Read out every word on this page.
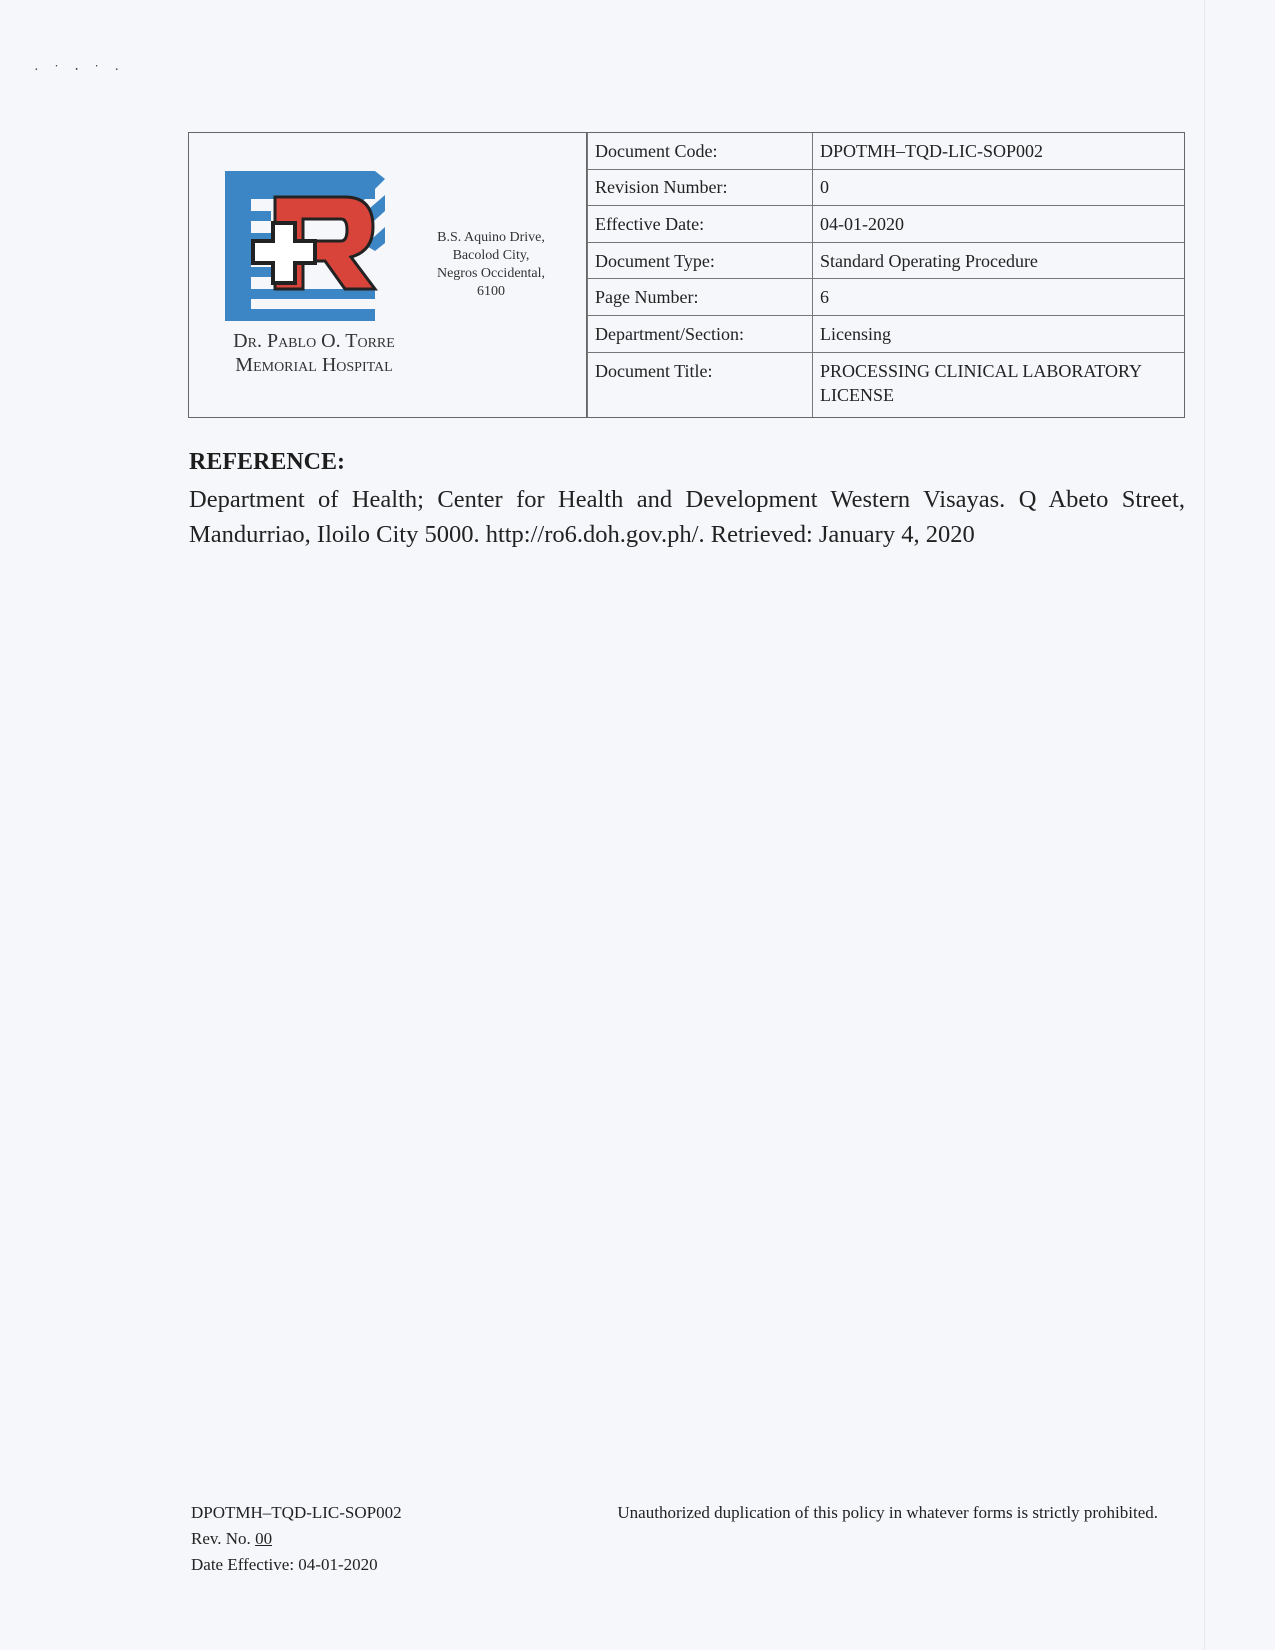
· ˙ ‧ ˙ ·
Dr. Pablo O. Torre
Memorial Hospital
B.S. Aquino Drive,
Bacolod City,
Negros Occidental,
6100
Document Code:	DPOTMH–TQD-LIC-SOP002
Revision Number:	0
Effective Date:	04-01-2020
Document Type:	Standard Operating Procedure
Page Number:	6
Department/Section:	Licensing
Document Title:	PROCESSING CLINICAL LABORATORY LICENSE
REFERENCE:
Department of Health; Center for Health and Development Western Visayas. Q Abeto Street, Mandurriao, Iloilo City 5000. http://ro6.doh.gov.ph/. Retrieved: January 4, 2020
DPOTMH–TQD-LIC-SOP002
Rev. No. 00
Date Effective: 04-01-2020
Unauthorized duplication of this policy in whatever forms is strictly prohibited.
